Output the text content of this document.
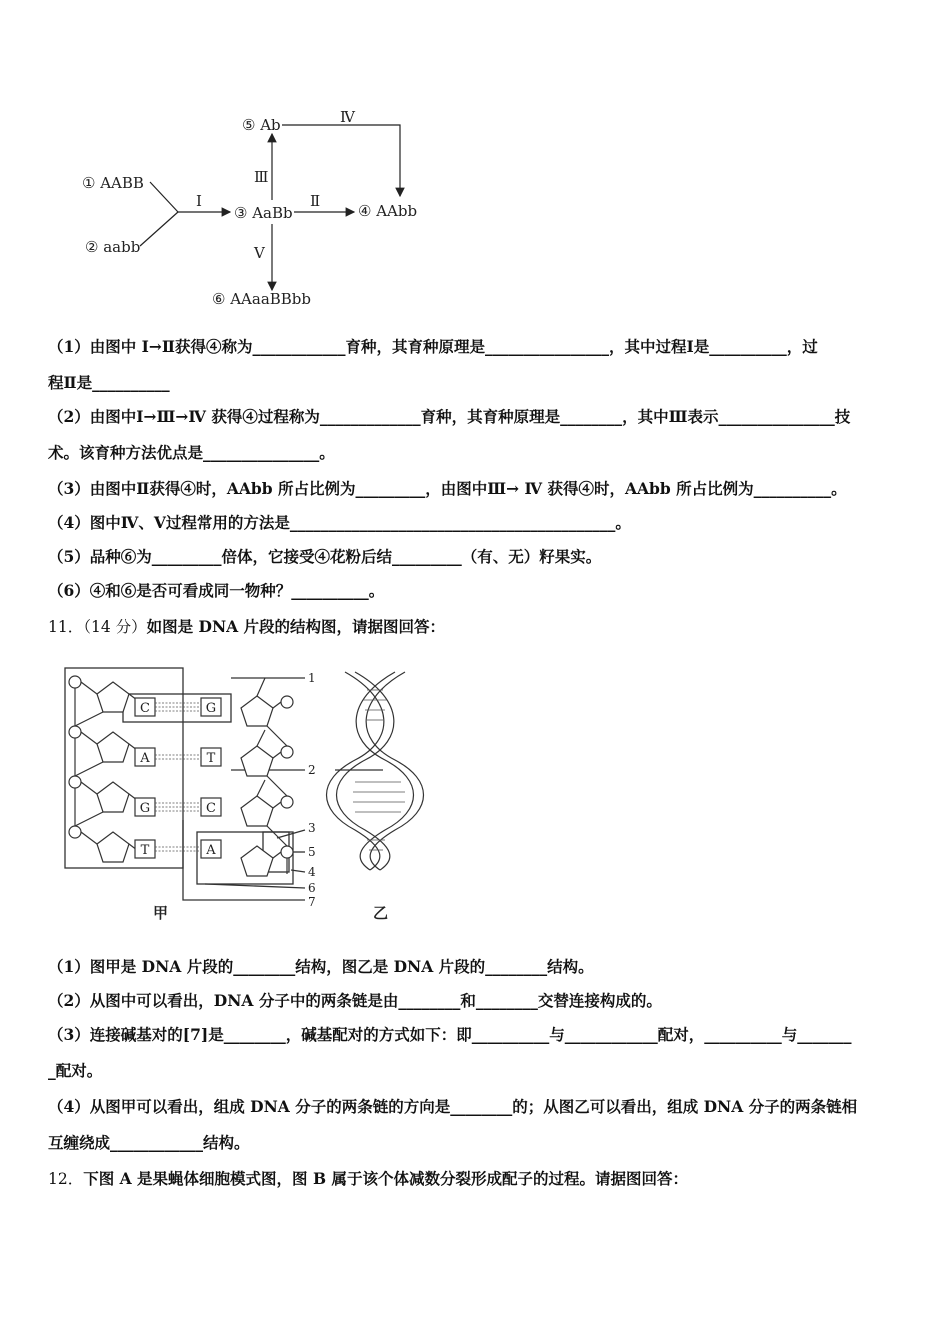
① AABB
② aabb
③ AaBb	④ AAbb
⑤ Ab
⑥ AAaaBBbb
Ⅰ	Ⅱ
Ⅲ
Ⅳ
Ⅴ
（1）由图中 Ⅰ→Ⅱ获得④称为____________育种，其育种原理是________________，其中过程Ⅰ是__________，过
程Ⅱ是__________
（2）由图中Ⅰ→Ⅲ→Ⅳ 获得④过程称为_____________育种，其育种原理是________，其中Ⅲ表示_______________技
术。该育种方法优点是_______________。
（3）由图中Ⅱ获得④时，AAbb 所占比例为_________，由图中Ⅲ→ Ⅳ 获得④时，AAbb 所占比例为__________。
（4）图中Ⅳ、Ⅴ过程常用的方法是__________________________________________。
（5）品种⑥为_________倍体，它接受④花粉后结_________（有、无）籽果实。
（6）④和⑥是否可看成同一物种？__________。
11．（14 分）如图是 DNA 片段的结构图，请据图回答：
C
A
G
T
G
T
C
A
1
2
3
4
5
6
7
甲	乙
（1）图甲是 DNA 片段的________结构，图乙是 DNA 片段的________结构。
（2）从图中可以看出，DNA 分子中的两条链是由________和________交替连接构成的。
（3）连接碱基对的[7]是________，碱基配对的方式如下：即__________与____________配对，__________与_______
_配对。
（4）从图甲可以看出，组成 DNA 分子的两条链的方向是________的；从图乙可以看出，组成 DNA 分子的两条链相
互缠绕成____________结构。
12．下图 A 是果蝇体细胞模式图，图 B 属于该个体减数分裂形成配子的过程。请据图回答：
